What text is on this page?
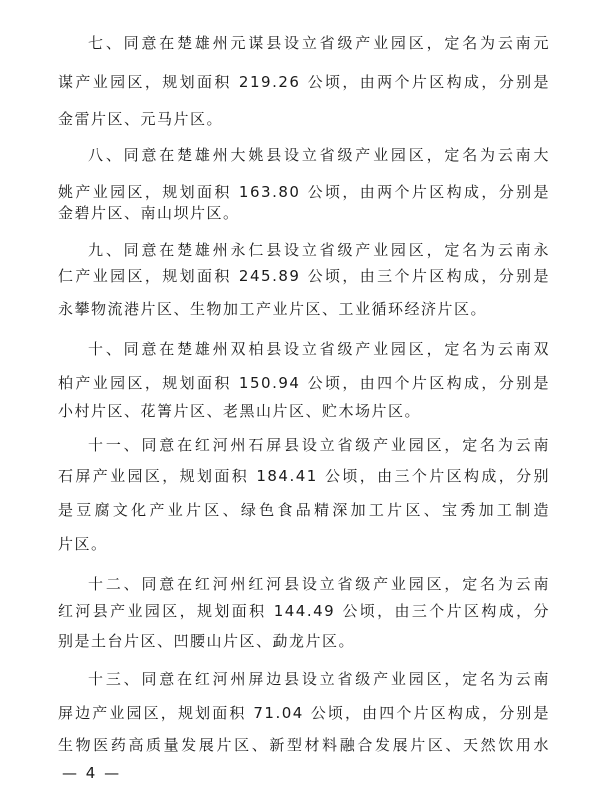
七、同意在楚雄州元谋县设立省级产业园区，定名为云南元
谋产业园区，规划面积 219.26 公顷，由两个片区构成，分别是
金雷片区、元马片区。
八、同意在楚雄州大姚县设立省级产业园区，定名为云南大
姚产业园区，规划面积 163.80 公顷，由两个片区构成，分别是
金碧片区、南山坝片区。
九、同意在楚雄州永仁县设立省级产业园区，定名为云南永
仁产业园区，规划面积 245.89 公顷，由三个片区构成，分别是
永攀物流港片区、生物加工产业片区、工业循环经济片区。
十、同意在楚雄州双柏县设立省级产业园区，定名为云南双
柏产业园区，规划面积 150.94 公顷，由四个片区构成，分别是
小村片区、花箐片区、老黑山片区、贮木场片区。
十一、同意在红河州石屏县设立省级产业园区，定名为云南
石屏产业园区，规划面积 184.41 公顷，由三个片区构成，分别
是豆腐文化产业片区、绿色食品精深加工片区、宝秀加工制造
片区。
十二、同意在红河州红河县设立省级产业园区，定名为云南
红河县产业园区，规划面积 144.49 公顷，由三个片区构成，分
别是土台片区、凹腰山片区、勐龙片区。
十三、同意在红河州屏边县设立省级产业园区，定名为云南
屏边产业园区，规划面积 71.04 公顷，由四个片区构成，分别是
生物医药高质量发展片区、新型材料融合发展片区、天然饮用水
— 4 —
